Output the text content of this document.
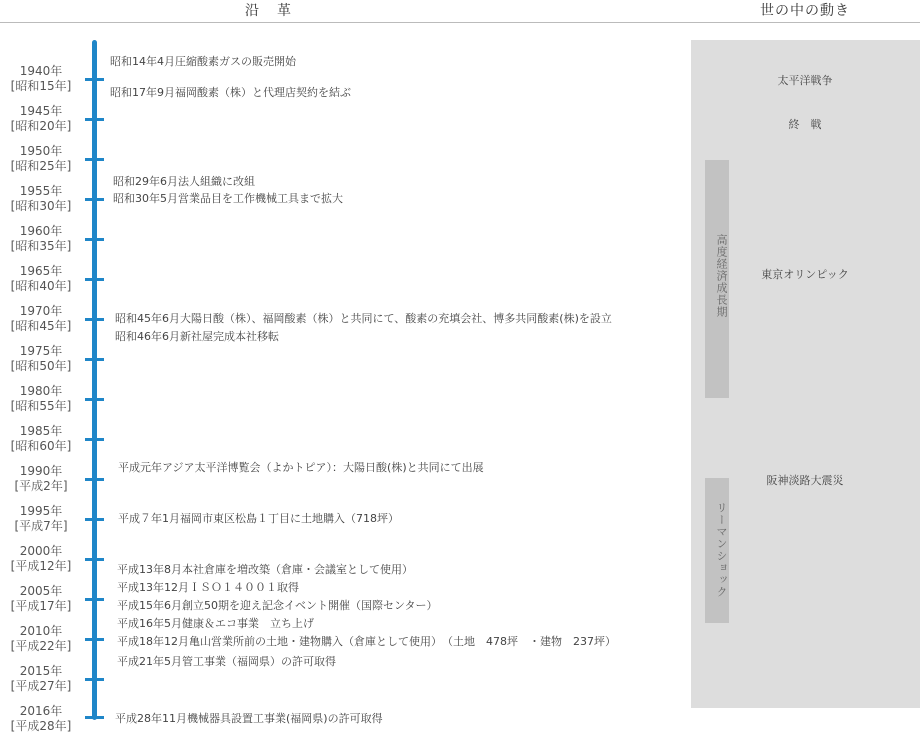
沿　革	世の中の動き
1940年
[昭和15年]
1945年
[昭和20年]
1950年
[昭和25年]
1955年
[昭和30年]
1960年
[昭和35年]
1965年
[昭和40年]
1970年
[昭和45年]
1975年
[昭和50年]
1980年
[昭和55年]
1985年
[昭和60年]
1990年
[平成2年]
1995年
[平成7年]
2000年
[平成12年]
2005年
[平成17年]
2010年
[平成22年]
2015年
[平成27年]
2016年
[平成28年]
昭和14年4月圧縮酸素ガスの販売開始
昭和17年9月福岡酸素（株）と代理店契約を結ぶ
昭和29年6月法人組織に改組
昭和30年5月営業品目を工作機械工具まで拡大
昭和45年6月大陽日酸（株）、福岡酸素（株）と共同にて、酸素の充填会社、博多共同酸素(株)を設立
昭和46年6月新社屋完成本社移転
平成元年アジア太平洋博覧会（よかトピア）：大陽日酸(株)と共同にて出展
平成７年1月福岡市東区松島１丁目に土地購入（718坪）
平成13年8月本社倉庫を増改築（倉庫・会議室として使用）
平成13年12月ＩＳＯ１４００１取得
平成15年6月創立50期を迎え記念イベント開催（国際センター）
平成16年5月健康＆エコ事業　立ち上げ
平成18年12月亀山営業所前の土地・建物購入（倉庫として使用）　（土地　478坪　・建物　237坪）
平成21年5月管工事業（福岡県）の許可取得
平成28年11月機械器具設置工事業(福岡県)の許可取得
高度経済成長期
リーマンショック
太平洋戦争
終　戦
東京オリンピック
阪神淡路大震災
